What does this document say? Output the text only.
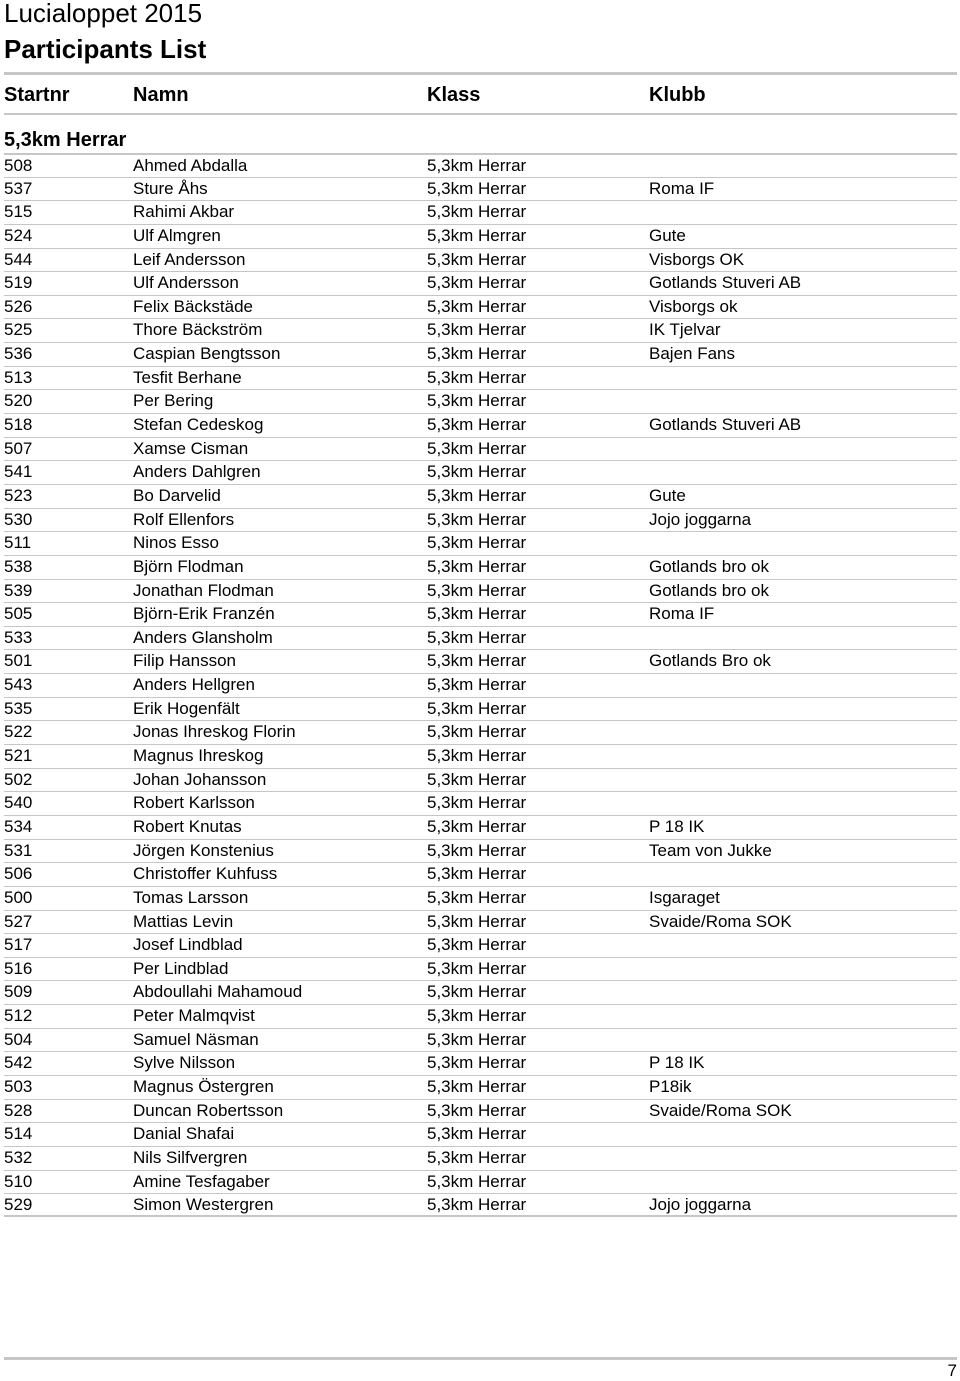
Lucialoppet 2015
Participants List
Startnr	Namn	Klass	Klubb
5,3km Herrar
508	Ahmed Abdalla	5,3km Herrar
537	Sture Åhs	5,3km Herrar	Roma IF
515	Rahimi Akbar	5,3km Herrar
524	Ulf Almgren	5,3km Herrar	Gute
544	Leif Andersson	5,3km Herrar	Visborgs OK
519	Ulf Andersson	5,3km Herrar	Gotlands Stuveri AB
526	Felix Bäckstäde	5,3km Herrar	Visborgs ok
525	Thore Bäckström	5,3km Herrar	IK Tjelvar
536	Caspian Bengtsson	5,3km Herrar	Bajen Fans
513	Tesfit Berhane	5,3km Herrar
520	Per Bering	5,3km Herrar
518	Stefan Cedeskog	5,3km Herrar	Gotlands Stuveri AB
507	Xamse Cisman	5,3km Herrar
541	Anders Dahlgren	5,3km Herrar
523	Bo Darvelid	5,3km Herrar	Gute
530	Rolf Ellenfors	5,3km Herrar	Jojo joggarna
511	Ninos Esso	5,3km Herrar
538	Björn Flodman	5,3km Herrar	Gotlands bro ok
539	Jonathan Flodman	5,3km Herrar	Gotlands bro ok
505	Björn-Erik Franzén	5,3km Herrar	Roma IF
533	Anders Glansholm	5,3km Herrar
501	Filip Hansson	5,3km Herrar	Gotlands Bro ok
543	Anders Hellgren	5,3km Herrar
535	Erik Hogenfält	5,3km Herrar
522	Jonas Ihreskog Florin	5,3km Herrar
521	Magnus Ihreskog	5,3km Herrar
502	Johan Johansson	5,3km Herrar
540	Robert Karlsson	5,3km Herrar
534	Robert Knutas	5,3km Herrar	P 18 IK
531	Jörgen Konstenius	5,3km Herrar	Team von Jukke
506	Christoffer Kuhfuss	5,3km Herrar
500	Tomas Larsson	5,3km Herrar	Isgaraget
527	Mattias Levin	5,3km Herrar	Svaide/Roma SOK
517	Josef Lindblad	5,3km Herrar
516	Per Lindblad	5,3km Herrar
509	Abdoullahi Mahamoud	5,3km Herrar
512	Peter Malmqvist	5,3km Herrar
504	Samuel Näsman	5,3km Herrar
542	Sylve Nilsson	5,3km Herrar	P 18 IK
503	Magnus Östergren	5,3km Herrar	P18ik
528	Duncan Robertsson	5,3km Herrar	Svaide/Roma SOK
514	Danial Shafai	5,3km Herrar
532	Nils Silfvergren	5,3km Herrar
510	Amine Tesfagaber	5,3km Herrar
529	Simon Westergren	5,3km Herrar	Jojo joggarna
7
